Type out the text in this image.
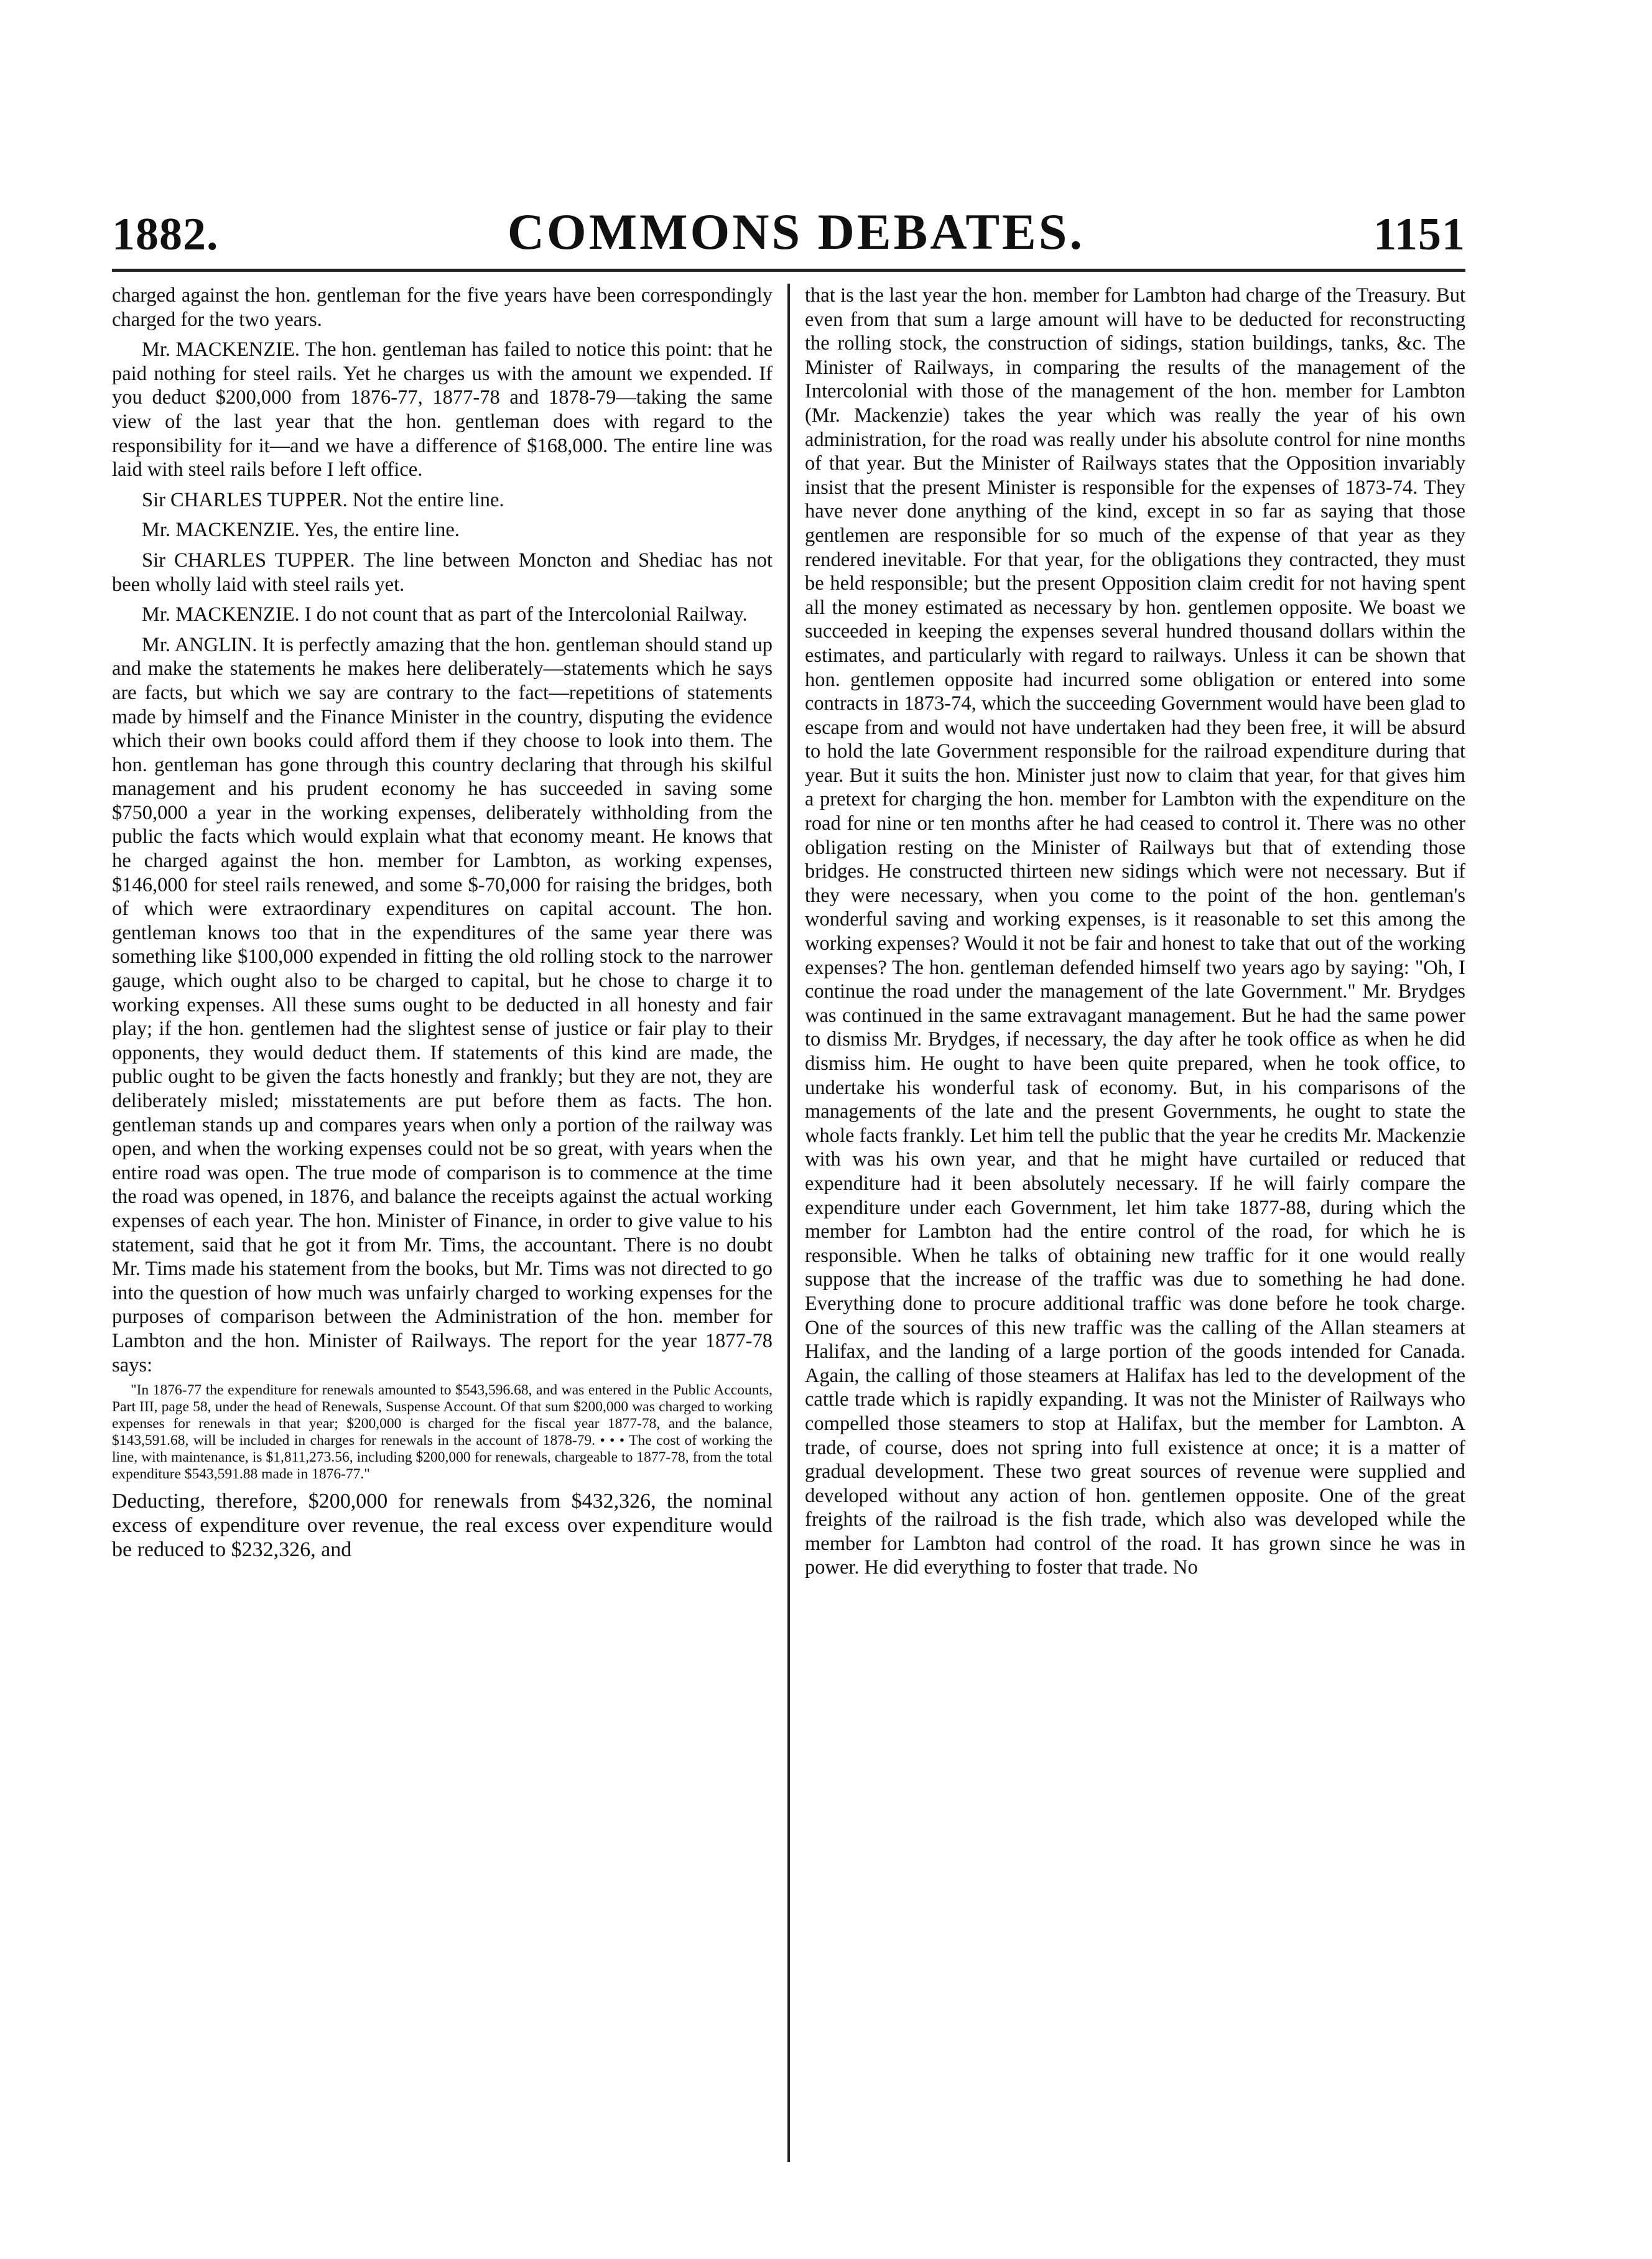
1882.	COMMONS DEBATES.	1151

charged against the hon. gentleman for the five years have been correspondingly charged for the two years.

Mr. MACKENZIE. The hon. gentleman has failed to notice this point: that he paid nothing for steel rails. Yet he charges us with the amount we expended. If you deduct $200,000 from 1876-77, 1877-78 and 1878-79—taking the same view of the last year that the hon. gentleman does with regard to the responsibility for it—and we have a difference of $168,000. The entire line was laid with steel rails before I left office.

Sir CHARLES TUPPER. Not the entire line.

Mr. MACKENZIE. Yes, the entire line.

Sir CHARLES TUPPER. The line between Moncton and Shediac has not been wholly laid with steel rails yet.

Mr. MACKENZIE. I do not count that as part of the Intercolonial Railway.

Mr. ANGLIN. It is perfectly amazing that the hon. gentleman should stand up and make the statements he makes here deliberately—statements which he says are facts, but which we say are contrary to the fact—repetitions of statements made by himself and the Finance Minister in the country, disputing the evidence which their own books could afford them if they choose to look into them. The hon. gentleman has gone through this country declaring that through his skilful management and his prudent economy he has succeeded in saving some $750,000 a year in the working expenses, deliberately withholding from the public the facts which would explain what that economy meant. He knows that he charged against the hon. member for Lambton, as working expenses, $146,000 for steel rails renewed, and some $-70,000 for raising the bridges, both of which were extraordinary expenditures on capital account. The hon. gentleman knows too that in the expenditures of the same year there was something like $100,000 expended in fitting the old rolling stock to the narrower gauge, which ought also to be charged to capital, but he chose to charge it to working expenses. All these sums ought to be deducted in all honesty and fair play; if the hon. gentlemen had the slightest sense of justice or fair play to their opponents, they would deduct them. If statements of this kind are made, the public ought to be given the facts honestly and frankly; but they are not, they are deliberately misled; misstatements are put before them as facts. The hon. gentleman stands up and compares years when only a portion of the railway was open, and when the working expenses could not be so great, with years when the entire road was open. The true mode of comparison is to commence at the time the road was opened, in 1876, and balance the receipts against the actual working expenses of each year. The hon. Minister of Finance, in order to give value to his statement, said that he got it from Mr. Tims, the accountant. There is no doubt Mr. Tims made his statement from the books, but Mr. Tims was not directed to go into the question of how much was unfairly charged to working expenses for the purposes of comparison between the Administration of the hon. member for Lambton and the hon. Minister of Railways. The report for the year 1877-78 says:

"In 1876-77 the expenditure for renewals amounted to $543,596.68, and was entered in the Public Accounts, Part III, page 58, under the head of Renewals, Suspense Account. Of that sum $200,000 was charged to working expenses for renewals in that year; $200,000 is charged for the fiscal year 1877-78, and the balance, $143,591.68, will be included in charges for renewals in the account of 1878-79. • • • The cost of working the line, with maintenance, is $1,811,273.56, including $200,000 for renewals, chargeable to 1877-78, from the total expenditure $543,591.88 made in 1876-77."

Deducting, therefore, $200,000 for renewals from $432,326, the nominal excess of expenditure over revenue, the real excess over expenditure would be reduced to $232,326, and

that is the last year the hon. member for Lambton had charge of the Treasury. But even from that sum a large amount will have to be deducted for reconstructing the rolling stock, the construction of sidings, station buildings, tanks, &c. The Minister of Railways, in comparing the results of the management of the Intercolonial with those of the management of the hon. member for Lambton (Mr. Mackenzie) takes the year which was really the year of his own administration, for the road was really under his absolute control for nine months of that year. But the Minister of Railways states that the Opposition invariably insist that the present Minister is responsible for the expenses of 1873-74. They have never done anything of the kind, except in so far as saying that those gentlemen are responsible for so much of the expense of that year as they rendered inevitable. For that year, for the obligations they contracted, they must be held responsible; but the present Opposition claim credit for not having spent all the money estimated as necessary by hon. gentlemen opposite. We boast we succeeded in keeping the expenses several hundred thousand dollars within the estimates, and particularly with regard to railways. Unless it can be shown that hon. gentlemen opposite had incurred some obligation or entered into some contracts in 1873-74, which the succeeding Government would have been glad to escape from and would not have undertaken had they been free, it will be absurd to hold the late Government responsible for the railroad expenditure during that year. But it suits the hon. Minister just now to claim that year, for that gives him a pretext for charging the hon. member for Lambton with the expenditure on the road for nine or ten months after he had ceased to control it. There was no other obligation resting on the Minister of Railways but that of extending those bridges. He constructed thirteen new sidings which were not necessary. But if they were necessary, when you come to the point of the hon. gentleman's wonderful saving and working expenses, is it reasonable to set this among the working expenses? Would it not be fair and honest to take that out of the working expenses? The hon. gentleman defended himself two years ago by saying: "Oh, I continue the road under the management of the late Government." Mr. Brydges was continued in the same extravagant management. But he had the same power to dismiss Mr. Brydges, if necessary, the day after he took office as when he did dismiss him. He ought to have been quite prepared, when he took office, to undertake his wonderful task of economy. But, in his comparisons of the managements of the late and the present Governments, he ought to state the whole facts frankly. Let him tell the public that the year he credits Mr. Mackenzie with was his own year, and that he might have curtailed or reduced that expenditure had it been absolutely necessary. If he will fairly compare the expenditure under each Government, let him take 1877-88, during which the member for Lambton had the entire control of the road, for which he is responsible. When he talks of obtaining new traffic for it one would really suppose that the increase of the traffic was due to something he had done. Everything done to procure additional traffic was done before he took charge. One of the sources of this new traffic was the calling of the Allan steamers at Halifax, and the landing of a large portion of the goods intended for Canada. Again, the calling of those steamers at Halifax has led to the development of the cattle trade which is rapidly expanding. It was not the Minister of Railways who compelled those steamers to stop at Halifax, but the member for Lambton. A trade, of course, does not spring into full existence at once; it is a matter of gradual development. These two great sources of revenue were supplied and developed without any action of hon. gentlemen opposite. One of the great freights of the railroad is the fish trade, which also was developed while the member for Lambton had control of the road. It has grown since he was in power. He did everything to foster that trade. No
